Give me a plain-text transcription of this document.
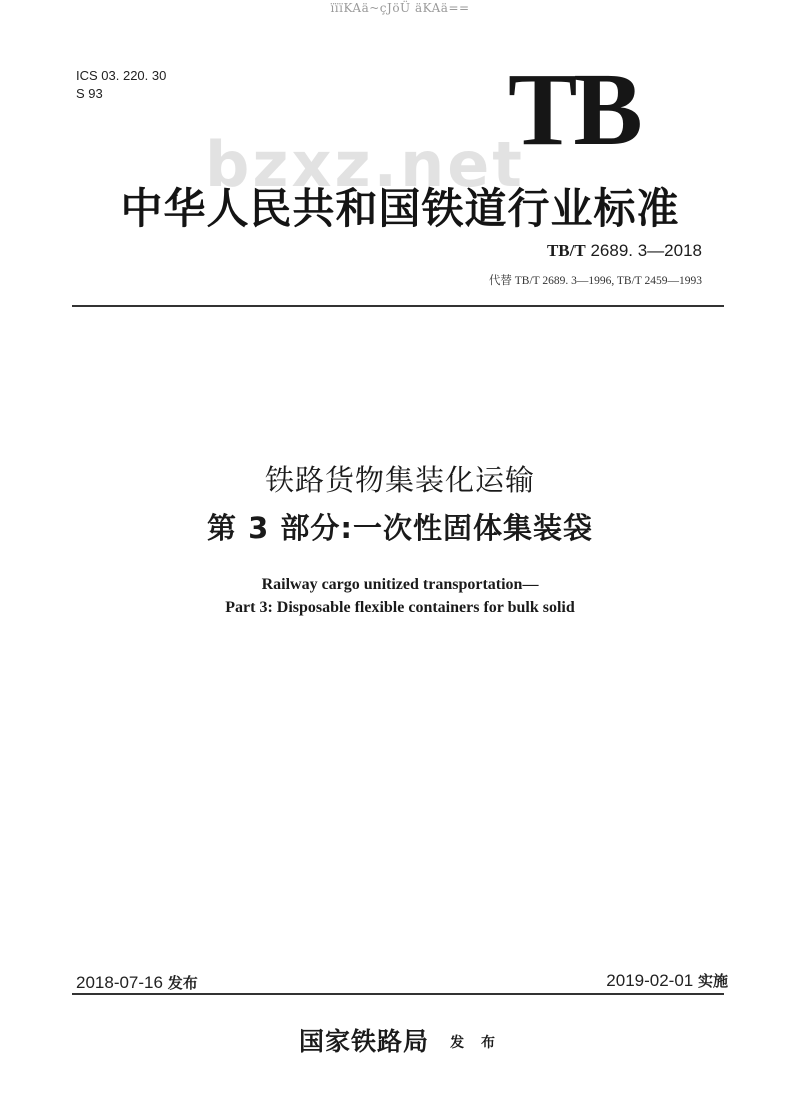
ïïïKAä~çJöÜ äKAä==
ICS 03. 220. 30
S 93	TB
bzxz.net
中华人民共和国铁道行业标准
TB/T 2689. 3—2018
代替 TB/T 2689. 3—1996, TB/T 2459—1993
铁路货物集装化运输
第 3 部分:一次性固体集装袋
Railway cargo unitized transportation—
Part 3: Disposable flexible containers for bulk solid
2018-07-16 发布	2019-02-01 实施
国家铁路局 发 布
